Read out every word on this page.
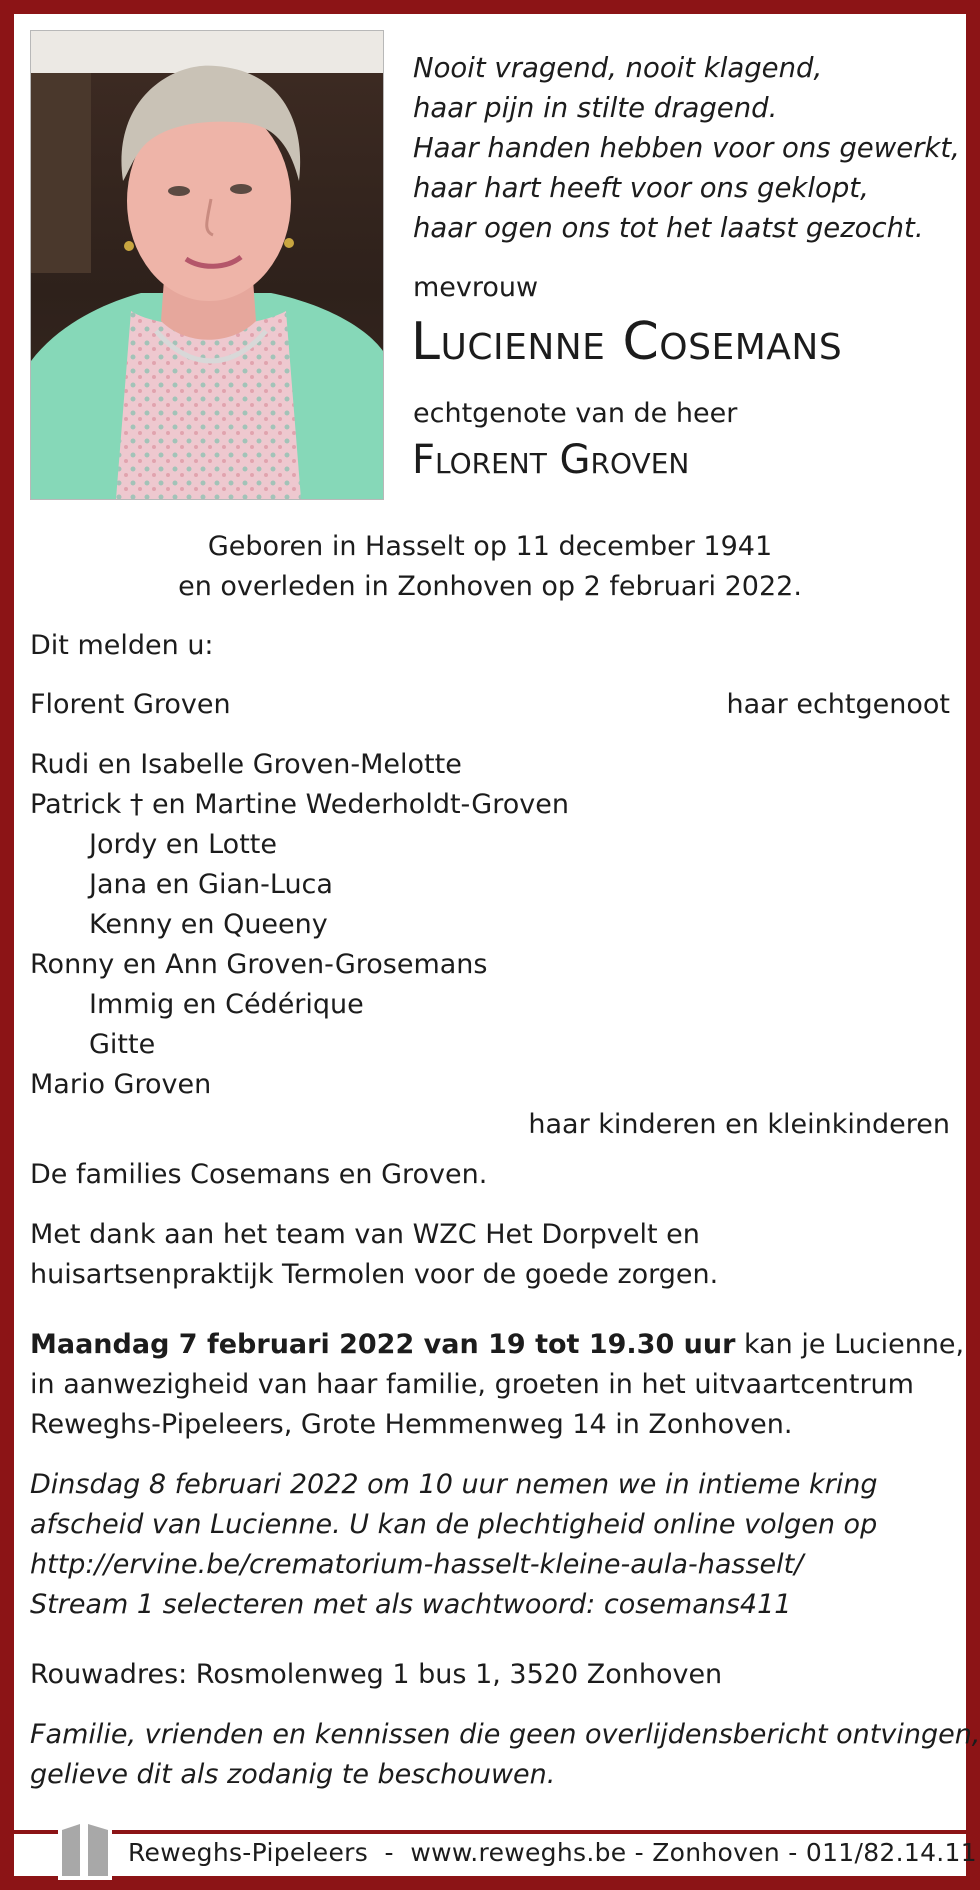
Nooit vragend, nooit klagend,
haar pijn in stilte dragend.
Haar handen hebben voor ons gewerkt,
haar hart heeft voor ons geklopt,
haar ogen ons tot het laatst gezocht.
mevrouw
Lucienne Cosemans
echtgenote van de heer
Florent Groven
Geboren in Hasselt op 11 december 1941
en overleden in Zonhoven op 2 februari 2022.
Dit melden u:
Florent Groven	haar echtgenoot
Rudi en Isabelle Groven-Melotte
Patrick † en Martine Wederholdt-Groven
Jordy en Lotte
Jana en Gian-Luca
Kenny en Queeny
Ronny en Ann Groven-Grosemans
Immig en Cédérique
Gitte
Mario Groven
haar kinderen en kleinkinderen
De families Cosemans en Groven.
Met dank aan het team van WZC Het Dorpvelt en
huisartsenpraktijk Termolen voor de goede zorgen.
Maandag 7 februari 2022 van 19 tot 19.30 uur kan je Lucienne,
in aanwezigheid van haar familie, groeten in het uitvaartcentrum
Reweghs-Pipeleers, Grote Hemmenweg 14 in Zonhoven.
Dinsdag 8 februari 2022 om 10 uur nemen we in intieme kring
afscheid van Lucienne. U kan de plechtigheid online volgen op
http://ervine.be/crematorium-hasselt-kleine-aula-hasselt/
Stream 1 selecteren met als wachtwoord: cosemans411
Rouwadres: Rosmolenweg 1 bus 1, 3520 Zonhoven
Familie, vrienden en kennissen die geen overlijdensbericht ontvingen,
gelieve dit als zodanig te beschouwen.
Reweghs-Pipeleers  -  www.reweghs.be - Zonhoven - 011/82.14.11
